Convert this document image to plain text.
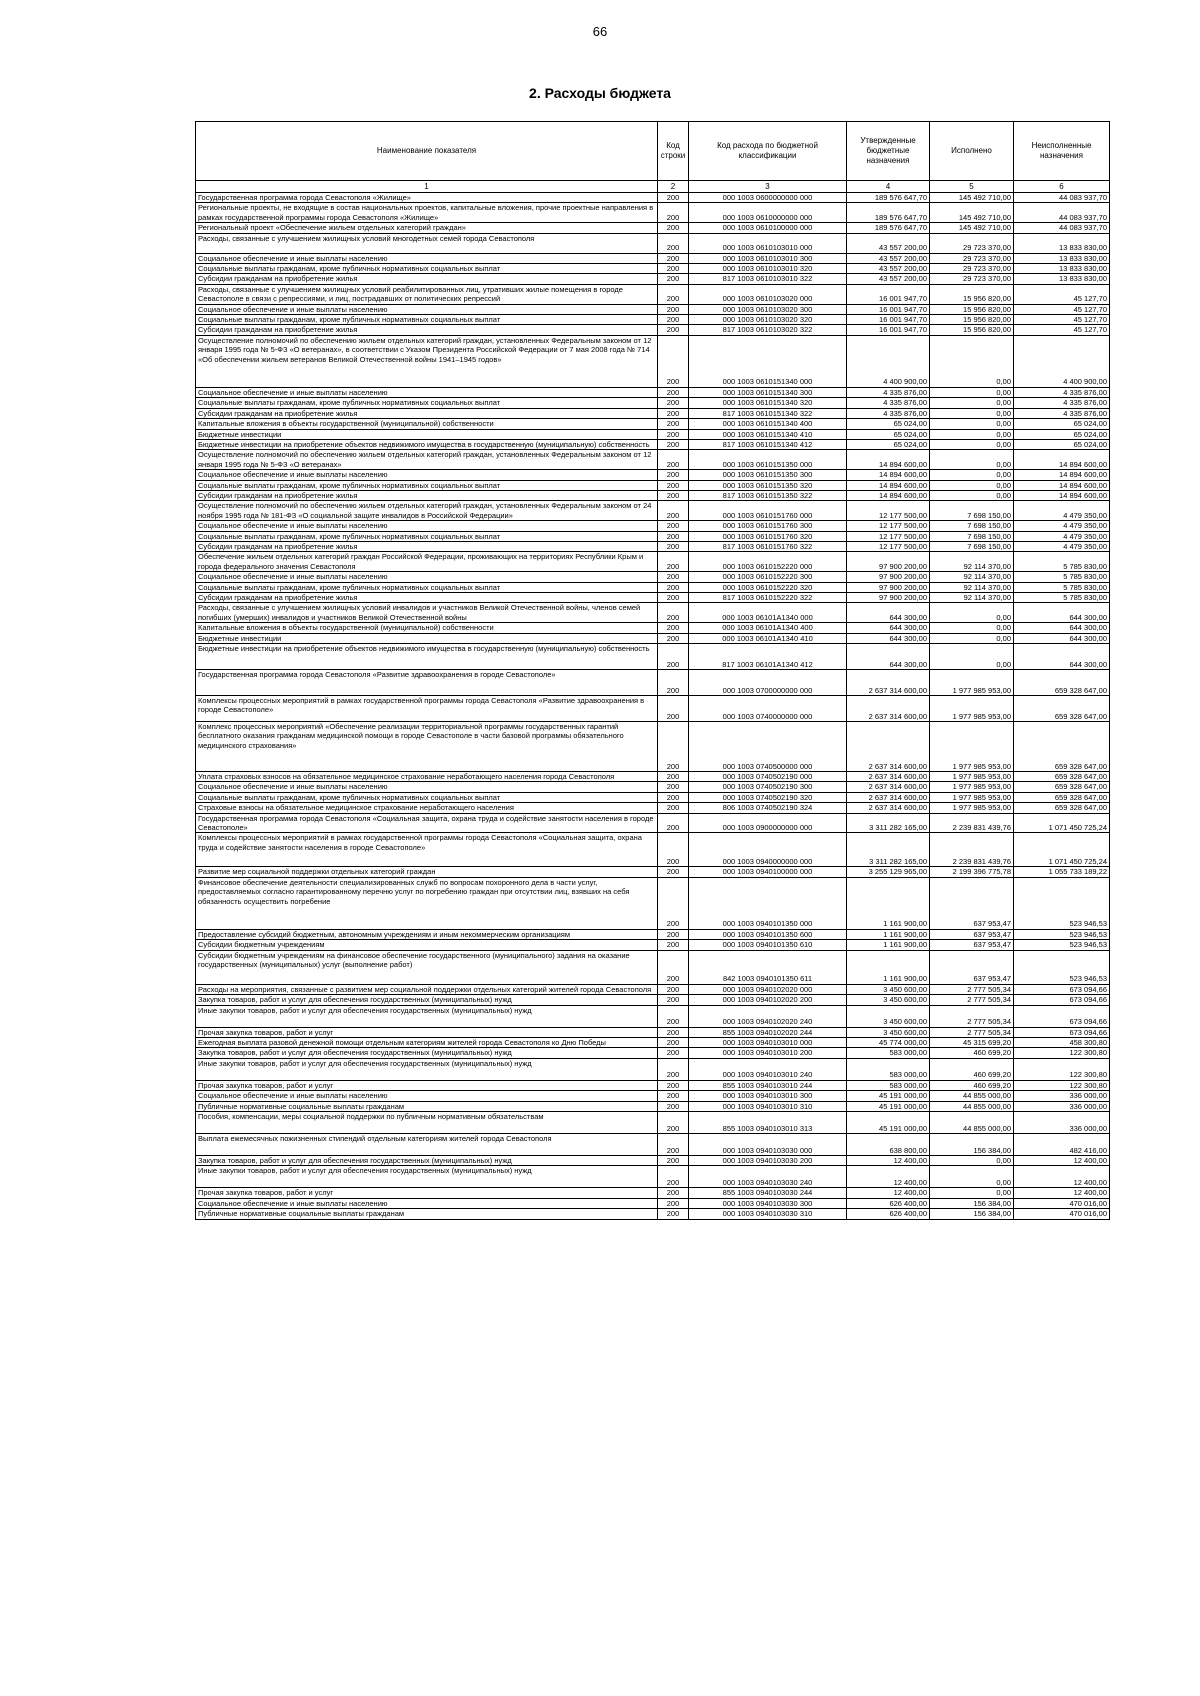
66
2. Расходы бюджета
Наименование показателя	Код строки	Код расхода по бюджетной классификации	Утвержденные бюджетные назначения	Исполнено	Неисполненные назначения
1	2	3	4	5	6
Государственная программа города Севастополя «Жилище»	200	000 1003 0600000000 000	189 576 647,70	145 492 710,00	44 083 937,70
Региональные проекты, не входящие в состав национальных проектов, капитальные вложения, прочие проектные направления в рамках государственной программы города Севастополя «Жилище»	200	000 1003 0610000000 000	189 576 647,70	145 492 710,00	44 083 937,70
Региональный проект «Обеспечение жильем отдельных категорий граждан»	200	000 1003 0610100000 000	189 576 647,70	145 492 710,00	44 083 937,70
Расходы, связанные с улучшением жилищных условий многодетных семей города Севастополя	200	000 1003 0610103010 000	43 557 200,00	29 723 370,00	13 833 830,00
Социальное обеспечение и иные выплаты населению	200	000 1003 0610103010 300	43 557 200,00	29 723 370,00	13 833 830,00
Социальные выплаты гражданам, кроме публичных нормативных социальных выплат	200	000 1003 0610103010 320	43 557 200,00	29 723 370,00	13 833 830,00
Субсидии гражданам на приобретение жилья	200	817 1003 0610103010 322	43 557 200,00	29 723 370,00	13 833 830,00
Расходы, связанные с улучшением жилищных условий реабилитированных лиц, утративших жилые помещения в городе Севастополе в связи с репрессиями, и лиц, пострадавших от политических репрессий	200	000 1003 0610103020 000	16 001 947,70	15 956 820,00	45 127,70
Социальное обеспечение и иные выплаты населению	200	000 1003 0610103020 300	16 001 947,70	15 956 820,00	45 127,70
Социальные выплаты гражданам, кроме публичных нормативных социальных выплат	200	000 1003 0610103020 320	16 001 947,70	15 956 820,00	45 127,70
Субсидии гражданам на приобретение жилья	200	817 1003 0610103020 322	16 001 947,70	15 956 820,00	45 127,70
Осуществление полномочий по обеспечению жильем отдельных категорий граждан, установленных Федеральным законом от 12 января 1995 года № 5-ФЗ «О ветеранах», в соответствии с Указом Президента Российской Федерации от 7 мая 2008 года № 714 «Об обеспечении жильем ветеранов Великой Отечественной войны 1941–1945 годов»	200	000 1003 0610151340 000	4 400 900,00	0,00	4 400 900,00
Социальное обеспечение и иные выплаты населению	200	000 1003 0610151340 300	4 335 876,00	0,00	4 335 876,00
Социальные выплаты гражданам, кроме публичных нормативных социальных выплат	200	000 1003 0610151340 320	4 335 876,00	0,00	4 335 876,00
Субсидии гражданам на приобретение жилья	200	817 1003 0610151340 322	4 335 876,00	0,00	4 335 876,00
Капитальные вложения в объекты государственной (муниципальной) собственности	200	000 1003 0610151340 400	65 024,00	0,00	65 024,00
Бюджетные инвестиции	200	000 1003 0610151340 410	65 024,00	0,00	65 024,00
Бюджетные инвестиции на приобретение объектов недвижимого имущества в государственную (муниципальную) собственность	200	817 1003 0610151340 412	65 024,00	0,00	65 024,00
Осуществление полномочий по обеспечению жильем отдельных категорий граждан, установленных Федеральным законом от 12 января 1995 года № 5-ФЗ «О ветеранах»	200	000 1003 0610151350 000	14 894 600,00	0,00	14 894 600,00
Социальное обеспечение и иные выплаты населению	200	000 1003 0610151350 300	14 894 600,00	0,00	14 894 600,00
Социальные выплаты гражданам, кроме публичных нормативных социальных выплат	200	000 1003 0610151350 320	14 894 600,00	0,00	14 894 600,00
Субсидии гражданам на приобретение жилья	200	817 1003 0610151350 322	14 894 600,00	0,00	14 894 600,00
Осуществление полномочий по обеспечению жильем отдельных категорий граждан, установленных Федеральным законом от 24 ноября 1995 года № 181-ФЗ «О социальной защите инвалидов в Российской Федерации»	200	000 1003 0610151760 000	12 177 500,00	7 698 150,00	4 479 350,00
Социальное обеспечение и иные выплаты населению	200	000 1003 0610151760 300	12 177 500,00	7 698 150,00	4 479 350,00
Социальные выплаты гражданам, кроме публичных нормативных социальных выплат	200	000 1003 0610151760 320	12 177 500,00	7 698 150,00	4 479 350,00
Субсидии гражданам на приобретение жилья	200	817 1003 0610151760 322	12 177 500,00	7 698 150,00	4 479 350,00
Обеспечение жильем отдельных категорий граждан Российской Федерации, проживающих на территориях Республики Крым и города федерального значения Севастополя	200	000 1003 0610152220 000	97 900 200,00	92 114 370,00	5 785 830,00
Социальное обеспечение и иные выплаты населению	200	000 1003 0610152220 300	97 900 200,00	92 114 370,00	5 785 830,00
Социальные выплаты гражданам, кроме публичных нормативных социальных выплат	200	000 1003 0610152220 320	97 900 200,00	92 114 370,00	5 785 830,00
Субсидии гражданам на приобретение жилья	200	817 1003 0610152220 322	97 900 200,00	92 114 370,00	5 785 830,00
Расходы, связанные с улучшением жилищных условий инвалидов и участников Великой Отечественной войны, членов семей погибших (умерших) инвалидов и участников Великой Отечественной войны	200	000 1003 06101A1340 000	644 300,00	0,00	644 300,00
Капитальные вложения в объекты государственной (муниципальной) собственности	200	000 1003 06101A1340 400	644 300,00	0,00	644 300,00
Бюджетные инвестиции	200	000 1003 06101A1340 410	644 300,00	0,00	644 300,00
Бюджетные инвестиции на приобретение объектов недвижимого имущества в государственную (муниципальную) собственность	200	817 1003 06101A1340 412	644 300,00	0,00	644 300,00
Государственная программа города Севастополя «Развитие здравоохранения в городе Севастополе»	200	000 1003 0700000000 000	2 637 314 600,00	1 977 985 953,00	659 328 647,00
Комплексы процессных мероприятий в рамках государственной программы города Севастополя «Развитие здравоохранения в городе Севастополе»	200	000 1003 0740000000 000	2 637 314 600,00	1 977 985 953,00	659 328 647,00
Комплекс процессных мероприятий «Обеспечение реализации территориальной программы государственных гарантий бесплатного оказания гражданам медицинской помощи в городе Севастополе в части базовой программы обязательного медицинского страхования»	200	000 1003 0740500000 000	2 637 314 600,00	1 977 985 953,00	659 328 647,00
Уплата страховых взносов на обязательное медицинское страхование неработающего населения города Севастополя	200	000 1003 0740502190 000	2 637 314 600,00	1 977 985 953,00	659 328 647,00
Социальное обеспечение и иные выплаты населению	200	000 1003 0740502190 300	2 637 314 600,00	1 977 985 953,00	659 328 647,00
Социальные выплаты гражданам, кроме публичных нормативных социальных выплат	200	000 1003 0740502190 320	2 637 314 600,00	1 977 985 953,00	659 328 647,00
Страховые взносы на обязательное медицинское страхование неработающего населения	200	806 1003 0740502190 324	2 637 314 600,00	1 977 985 953,00	659 328 647,00
Государственная программа города Севастополя «Социальная защита, охрана труда и содействие занятости населения в городе Севастополе»	200	000 1003 0900000000 000	3 311 282 165,00	2 239 831 439,76	1 071 450 725,24
Комплексы процессных мероприятий в рамках государственной программы города Севастополя «Социальная защита, охрана труда и содействие занятости населения в городе Севастополе»	200	000 1003 0940000000 000	3 311 282 165,00	2 239 831 439,76	1 071 450 725,24
Развитие мер социальной поддержки отдельных категорий граждан	200	000 1003 0940100000 000	3 255 129 965,00	2 199 396 775,78	1 055 733 189,22
Финансовое обеспечение деятельности специализированных служб по вопросам похоронного дела в части услуг, предоставляемых согласно гарантированному перечню услуг по погребению граждан при отсутствии лиц, взявших на себя обязанность осуществить погребение	200	000 1003 0940101350 000	1 161 900,00	637 953,47	523 946,53
Предоставление субсидий бюджетным, автономным учреждениям и иным некоммерческим организациям	200	000 1003 0940101350 600	1 161 900,00	637 953,47	523 946,53
Субсидии бюджетным учреждениям	200	000 1003 0940101350 610	1 161 900,00	637 953,47	523 946,53
Субсидии бюджетным учреждениям на финансовое обеспечение государственного (муниципального) задания на оказание государственных (муниципальных) услуг (выполнение работ)	200	842 1003 0940101350 611	1 161 900,00	637 953,47	523 946,53
Расходы на мероприятия, связанные с развитием мер социальной поддержки отдельных категорий жителей города Севастополя	200	000 1003 0940102020 000	3 450 600,00	2 777 505,34	673 094,66
Закупка товаров, работ и услуг для обеспечения государственных (муниципальных) нужд	200	000 1003 0940102020 200	3 450 600,00	2 777 505,34	673 094,66
Иные закупки товаров, работ и услуг для обеспечения государственных (муниципальных) нужд	200	000 1003 0940102020 240	3 450 600,00	2 777 505,34	673 094,66
Прочая закупка товаров, работ и услуг	200	855 1003 0940102020 244	3 450 600,00	2 777 505,34	673 094,66
Ежегодная выплата разовой денежной помощи отдельным категориям жителей города Севастополя ко Дню Победы	200	000 1003 0940103010 000	45 774 000,00	45 315 699,20	458 300,80
Закупка товаров, работ и услуг для обеспечения государственных (муниципальных) нужд	200	000 1003 0940103010 200	583 000,00	460 699,20	122 300,80
Иные закупки товаров, работ и услуг для обеспечения государственных (муниципальных) нужд	200	000 1003 0940103010 240	583 000,00	460 699,20	122 300,80
Прочая закупка товаров, работ и услуг	200	855 1003 0940103010 244	583 000,00	460 699,20	122 300,80
Социальное обеспечение и иные выплаты населению	200	000 1003 0940103010 300	45 191 000,00	44 855 000,00	336 000,00
Публичные нормативные социальные выплаты гражданам	200	000 1003 0940103010 310	45 191 000,00	44 855 000,00	336 000,00
Пособия, компенсации, меры социальной поддержки по публичным нормативным обязательствам	200	855 1003 0940103010 313	45 191 000,00	44 855 000,00	336 000,00
Выплата ежемесячных пожизненных стипендий отдельным категориям жителей города Севастополя	200	000 1003 0940103030 000	638 800,00	156 384,00	482 416,00
Закупка товаров, работ и услуг для обеспечения государственных (муниципальных) нужд	200	000 1003 0940103030 200	12 400,00	0,00	12 400,00
Иные закупки товаров, работ и услуг для обеспечения государственных (муниципальных) нужд	200	000 1003 0940103030 240	12 400,00	0,00	12 400,00
Прочая закупка товаров, работ и услуг	200	855 1003 0940103030 244	12 400,00	0,00	12 400,00
Социальное обеспечение и иные выплаты населению	200	000 1003 0940103030 300	626 400,00	156 384,00	470 016,00
Публичные нормативные социальные выплаты гражданам	200	000 1003 0940103030 310	626 400,00	156 384,00	470 016,00
